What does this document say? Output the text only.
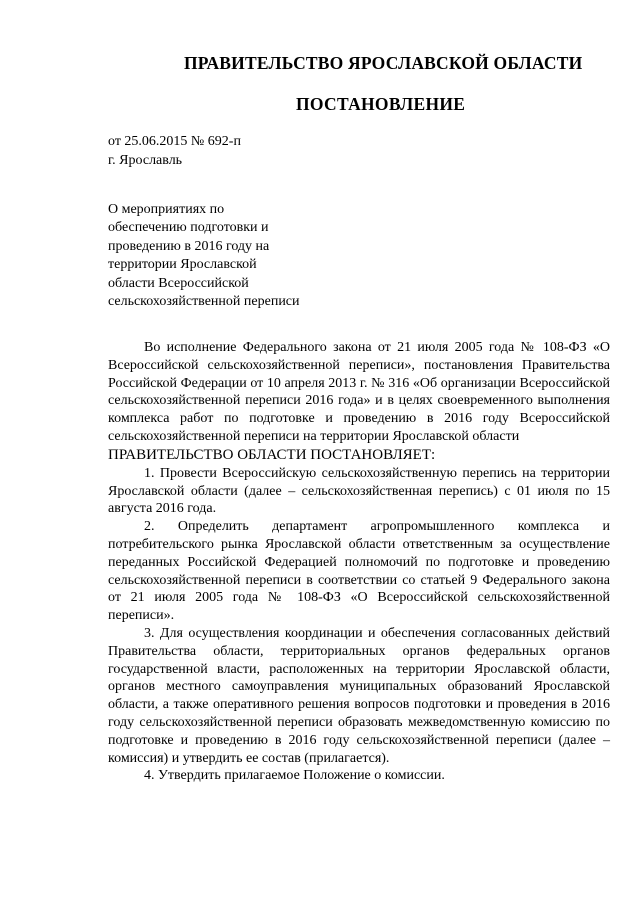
ПРАВИТЕЛЬСТВО ЯРОСЛАВСКОЙ ОБЛАСТИ
ПОСТАНОВЛЕНИЕ
от 25.06.2015 № 692-п
г. Ярославль
О мероприятиях по
обеспечению подготовки и
проведению в 2016 году на
территории Ярославской
области Всероссийской
сельскохозяйственной переписи

Во исполнение Федерального закона от 21 июля 2005 года № 108-ФЗ «О Всероссийской сельскохозяйственной переписи», постановления Правительства Российской Федерации от 10 апреля 2013 г. № 316 «Об организации Всероссийской сельскохозяйственной переписи 2016 года» и в целях своевременного выполнения комплекса работ по подготовке и проведению в 2016 году Всероссийской сельскохозяйственной переписи на территории Ярославской области

ПРАВИТЕЛЬСТВО ОБЛАСТИ ПОСТАНОВЛЯЕТ:

1. Провести Всероссийскую сельскохозяйственную перепись на территории Ярославской области (далее – сельскохозяйственная перепись) с 01 июля по 15 августа 2016 года.

2. Определить департамент агропромышленного комплекса и потребительского рынка Ярославской области ответственным за осуществление переданных Российской Федерацией полномочий по подготовке и проведению сельскохозяйственной переписи в соответствии со статьей 9 Федерального закона от 21 июля 2005 года № 108-ФЗ «О Всероссийской сельскохозяйственной переписи».

3. Для осуществления координации и обеспечения согласованных действий Правительства области, территориальных органов федеральных органов государственной власти, расположенных на территории Ярославской области, органов местного самоуправления муниципальных образований Ярославской области, а также оперативного решения вопросов подготовки и проведения в 2016 году сельскохозяйственной переписи образовать межведомственную комиссию по подготовке и проведению в 2016 году сельскохозяйственной переписи (далее – комиссия) и утвердить ее состав (прилагается).

4. Утвердить прилагаемое Положение о комиссии.
